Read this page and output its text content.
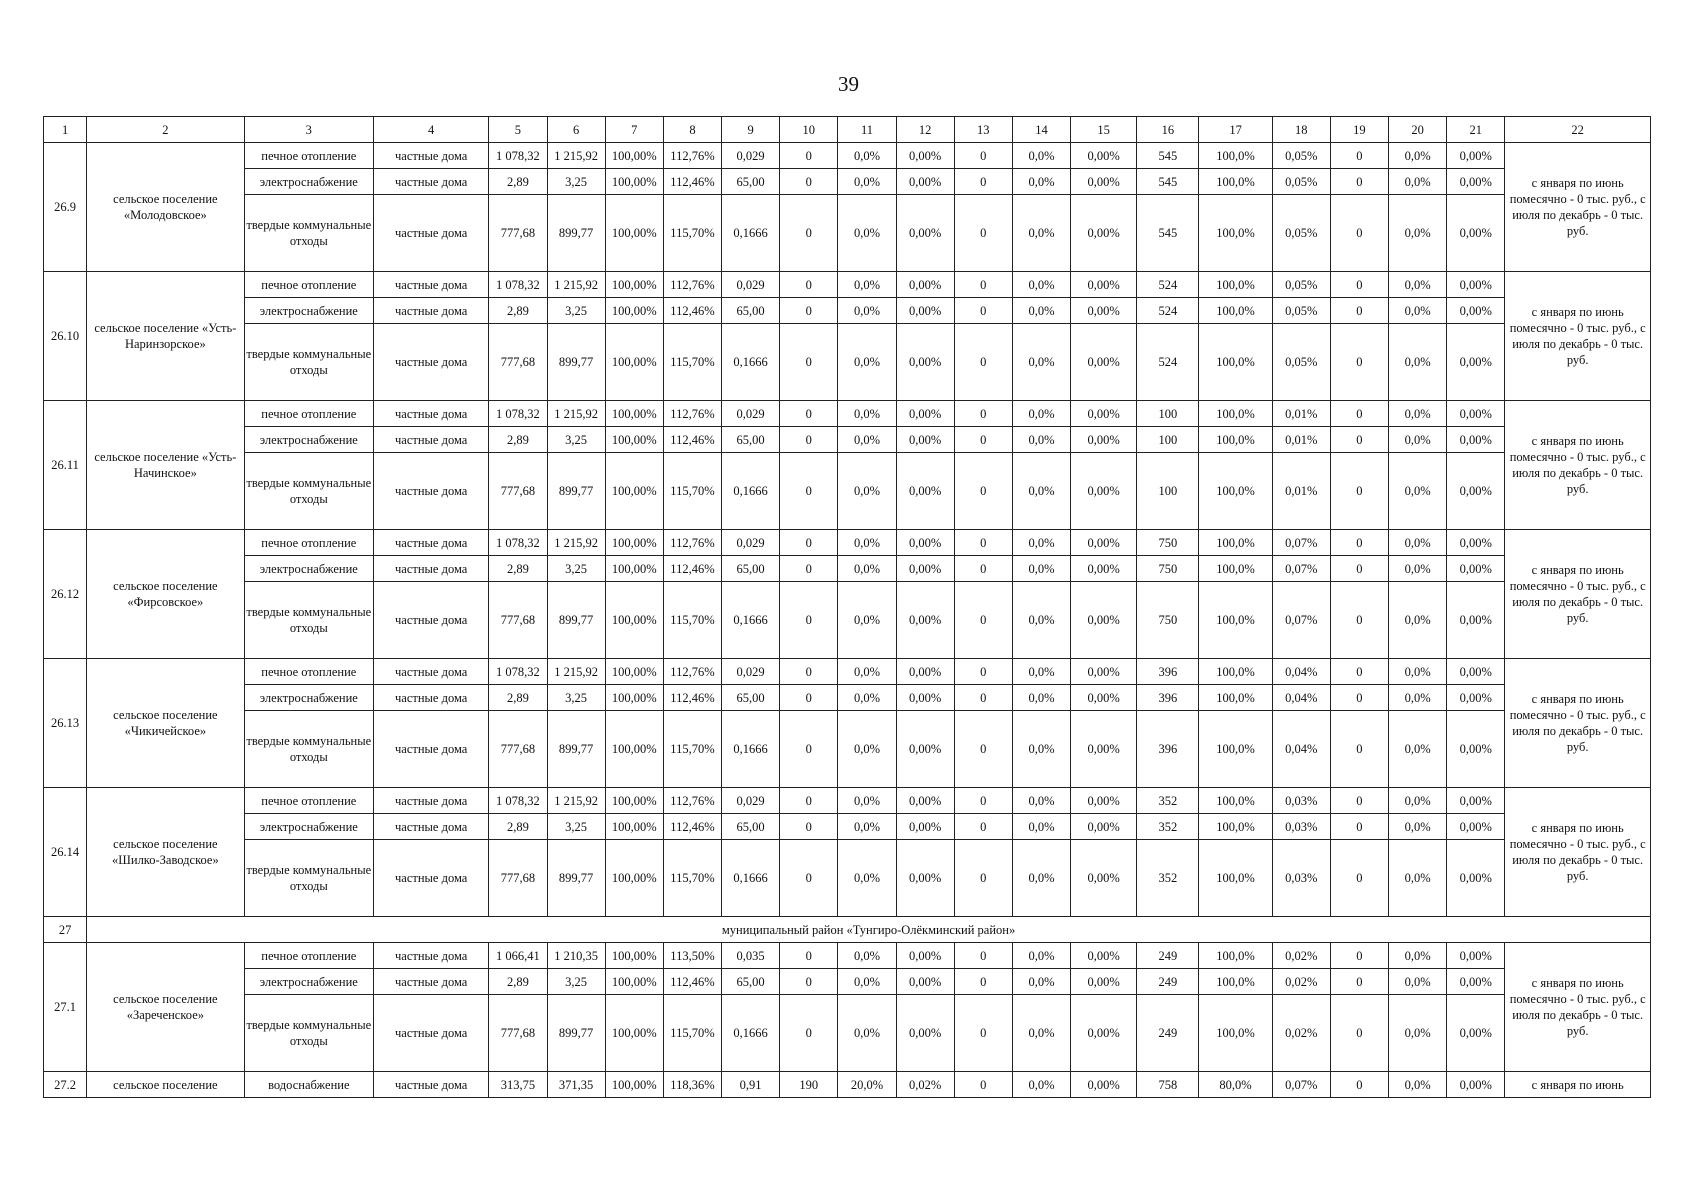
39
1	2	3	4	5	6	7	8	9	10	11	12	13	14	15	16	17	18	19	20	21	22
26.9	сельское поселение «Молодовское»	печное отопление	частные дома	1 078,32	1 215,92	100,00%	112,76%	0,029	0	0,0%	0,00%	0	0,0%	0,00%	545	100,0%	0,05%	0	0,0%	0,00%	с января по июнь помесячно - 0 тыс. руб., с июля по декабрь - 0 тыс. руб.
		электроснабжение	частные дома	2,89	3,25	100,00%	112,46%	65,00	0	0,0%	0,00%	0	0,0%	0,00%	545	100,0%	0,05%	0	0,0%	0,00%	
		твердые коммунальные отходы	частные дома	777,68	899,77	100,00%	115,70%	0,1666	0	0,0%	0,00%	0	0,0%	0,00%	545	100,0%	0,05%	0	0,0%	0,00%	
26.10	сельское поселение «Усть-Наринзорское»	печное отопление	частные дома	1 078,32	1 215,92	100,00%	112,76%	0,029	0	0,0%	0,00%	0	0,0%	0,00%	524	100,0%	0,05%	0	0,0%	0,00%	с января по июнь помесячно - 0 тыс. руб., с июля по декабрь - 0 тыс. руб.
		электроснабжение	частные дома	2,89	3,25	100,00%	112,46%	65,00	0	0,0%	0,00%	0	0,0%	0,00%	524	100,0%	0,05%	0	0,0%	0,00%	
		твердые коммунальные отходы	частные дома	777,68	899,77	100,00%	115,70%	0,1666	0	0,0%	0,00%	0	0,0%	0,00%	524	100,0%	0,05%	0	0,0%	0,00%	
26.11	сельское поселение «Усть-Начинское»	печное отопление	частные дома	1 078,32	1 215,92	100,00%	112,76%	0,029	0	0,0%	0,00%	0	0,0%	0,00%	100	100,0%	0,01%	0	0,0%	0,00%	с января по июнь помесячно - 0 тыс. руб., с июля по декабрь - 0 тыс. руб.
		электроснабжение	частные дома	2,89	3,25	100,00%	112,46%	65,00	0	0,0%	0,00%	0	0,0%	0,00%	100	100,0%	0,01%	0	0,0%	0,00%	
		твердые коммунальные отходы	частные дома	777,68	899,77	100,00%	115,70%	0,1666	0	0,0%	0,00%	0	0,0%	0,00%	100	100,0%	0,01%	0	0,0%	0,00%	
26.12	сельское поселение «Фирсовское»	печное отопление	частные дома	1 078,32	1 215,92	100,00%	112,76%	0,029	0	0,0%	0,00%	0	0,0%	0,00%	750	100,0%	0,07%	0	0,0%	0,00%	с января по июнь помесячно - 0 тыс. руб., с июля по декабрь - 0 тыс. руб.
		электроснабжение	частные дома	2,89	3,25	100,00%	112,46%	65,00	0	0,0%	0,00%	0	0,0%	0,00%	750	100,0%	0,07%	0	0,0%	0,00%	
		твердые коммунальные отходы	частные дома	777,68	899,77	100,00%	115,70%	0,1666	0	0,0%	0,00%	0	0,0%	0,00%	750	100,0%	0,07%	0	0,0%	0,00%	
26.13	сельское поселение «Чикичейское»	печное отопление	частные дома	1 078,32	1 215,92	100,00%	112,76%	0,029	0	0,0%	0,00%	0	0,0%	0,00%	396	100,0%	0,04%	0	0,0%	0,00%	с января по июнь помесячно - 0 тыс. руб., с июля по декабрь - 0 тыс. руб.
		электроснабжение	частные дома	2,89	3,25	100,00%	112,46%	65,00	0	0,0%	0,00%	0	0,0%	0,00%	396	100,0%	0,04%	0	0,0%	0,00%	
		твердые коммунальные отходы	частные дома	777,68	899,77	100,00%	115,70%	0,1666	0	0,0%	0,00%	0	0,0%	0,00%	396	100,0%	0,04%	0	0,0%	0,00%	
26.14	сельское поселение «Шилко-Заводское»	печное отопление	частные дома	1 078,32	1 215,92	100,00%	112,76%	0,029	0	0,0%	0,00%	0	0,0%	0,00%	352	100,0%	0,03%	0	0,0%	0,00%	с января по июнь помесячно - 0 тыс. руб., с июля по декабрь - 0 тыс. руб.
		электроснабжение	частные дома	2,89	3,25	100,00%	112,46%	65,00	0	0,0%	0,00%	0	0,0%	0,00%	352	100,0%	0,03%	0	0,0%	0,00%	
		твердые коммунальные отходы	частные дома	777,68	899,77	100,00%	115,70%	0,1666	0	0,0%	0,00%	0	0,0%	0,00%	352	100,0%	0,03%	0	0,0%	0,00%	
27	муниципальный район «Тунгиро-Олёкминский район»																				
27.1	сельское поселение «Зареченское»	печное отопление	частные дома	1 066,41	1 210,35	100,00%	113,50%	0,035	0	0,0%	0,00%	0	0,0%	0,00%	249	100,0%	0,02%	0	0,0%	0,00%	с января по июнь помесячно - 0 тыс. руб., с июля по декабрь - 0 тыс. руб.
		электроснабжение	частные дома	2,89	3,25	100,00%	112,46%	65,00	0	0,0%	0,00%	0	0,0%	0,00%	249	100,0%	0,02%	0	0,0%	0,00%	
		твердые коммунальные отходы	частные дома	777,68	899,77	100,00%	115,70%	0,1666	0	0,0%	0,00%	0	0,0%	0,00%	249	100,0%	0,02%	0	0,0%	0,00%	
27.2	сельское поселение	водоснабжение	частные дома	313,75	371,35	100,00%	118,36%	0,91	190	20,0%	0,02%	0	0,0%	0,00%	758	80,0%	0,07%	0	0,0%	0,00%	с января по июнь
